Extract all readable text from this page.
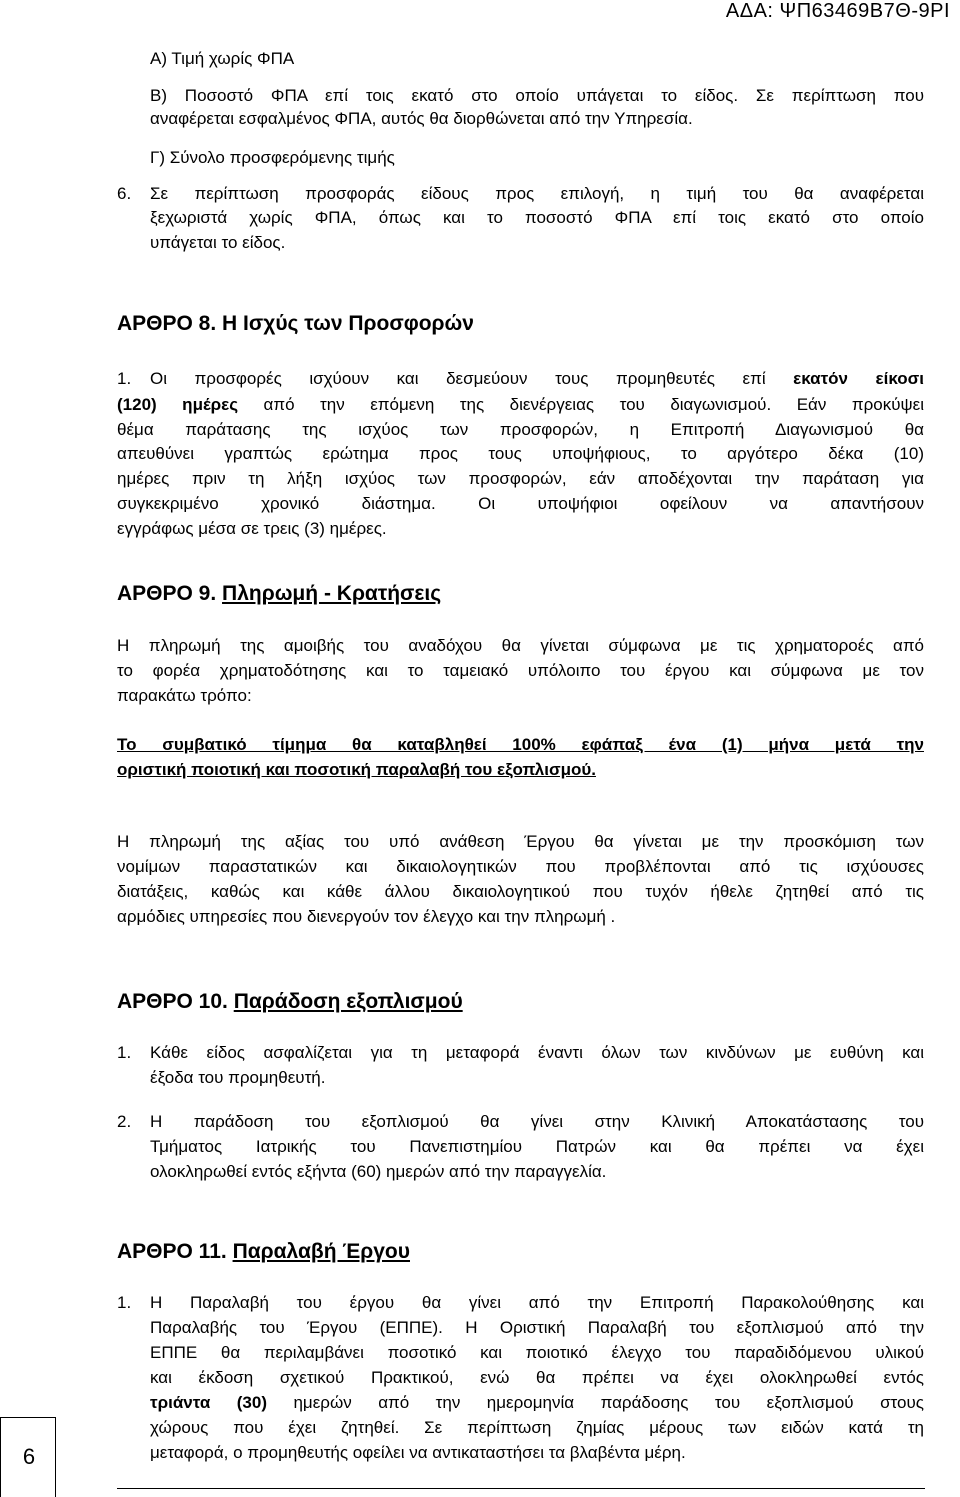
ΑΔΑ: ΨΠ63469Β7Θ-9ΡΙ
Α) Τιμή χωρίς ΦΠΑ
Β) Ποσοστό ΦΠΑ επί τοις εκατό στο οποίο υπάγεται το είδος. Σε περίπτωση που
αναφέρεται εσφαλμένος ΦΠΑ, αυτός θα διορθώνεται από την Υπηρεσία.
Γ) Σύνολο προσφερόμενης τιμής
6. Σε περίπτωση προσφοράς είδους προς επιλογή, η τιμή του θα αναφέρεται
ξεχωριστά χωρίς ΦΠΑ, όπως και το ποσοστό ΦΠΑ επί τοις εκατό στο οποίο
υπάγεται το είδος.
ΑΡΘΡΟ 8. Η Ισχύς των Προσφορών
1. Οι προσφορές ισχύουν και δεσμεύουν τους προμηθευτές επί εκατόν είκοσι
(120) ημέρες από την επόμενη της διενέργειας του διαγωνισμού. Εάν προκύψει
θέμα παράτασης της ισχύος των προσφορών, η Επιτροπή Διαγωνισμού θα
απευθύνει γραπτώς ερώτημα προς τους υποψήφιους, το αργότερο δέκα (10)
ημέρες πριν τη λήξη ισχύος των προσφορών, εάν αποδέχονται την παράταση για
συγκεκριμένο χρονικό διάστημα. Οι υποψήφιοι οφείλουν να απαντήσουν
εγγράφως μέσα σε τρεις (3) ημέρες.
ΑΡΘΡΟ 9. Πληρωμή - Κρατήσεις
Η πληρωμή της αμοιβής του αναδόχου θα γίνεται σύμφωνα με τις χρηματοροές από
το φορέα χρηματοδότησης και το ταμειακό υπόλοιπο του έργου και σύμφωνα με τον
παρακάτω τρόπο:
Το συμβατικό τίμημα θα καταβληθεί 100% εφάπαξ ένα (1) μήνα μετά την
οριστική ποιοτική και ποσοτική παραλαβή του εξοπλισμού.
Η πληρωμή της αξίας του υπό ανάθεση Έργου θα γίνεται με την προσκόμιση των
νομίμων παραστατικών και δικαιολογητικών που προβλέπονται από τις ισχύουσες
διατάξεις, καθώς και κάθε άλλου δικαιολογητικού που τυχόν ήθελε ζητηθεί από τις
αρμόδιες υπηρεσίες που διενεργούν τον έλεγχο και την πληρωμή .
ΑΡΘΡΟ 10. Παράδοση εξοπλισμού
1. Κάθε είδος ασφαλίζεται για τη μεταφορά έναντι όλων των κινδύνων με ευθύνη και
έξοδα του προμηθευτή.
2. Η παράδοση του εξοπλισμού θα γίνει στην Κλινική Αποκατάστασης του
Τμήματος Ιατρικής του Πανεπιστημίου Πατρών και θα πρέπει να έχει
ολοκληρωθεί εντός εξήντα (60) ημερών από την παραγγελία.
ΑΡΘΡΟ 11. Παραλαβή Έργου
1. Η Παραλαβή του έργου θα γίνει από την Επιτροπή Παρακολούθησης και
Παραλαβής του Έργου (ΕΠΠΕ). Η Οριστική Παραλαβή του εξοπλισμού από την
ΕΠΠΕ θα περιλαμβάνει ποσοτικό και ποιοτικό έλεγχο του παραδιδόμενου υλικού
και έκδοση σχετικού Πρακτικού, ενώ θα πρέπει να έχει ολοκληρωθεί εντός
τριάντα (30) ημερών από την ημερομηνία παράδοσης του εξοπλισμού στους
χώρους που έχει ζητηθεί. Σε περίπτωση ζημίας μέρους των ειδών κατά τη
μεταφορά, ο προμηθευτής οφείλει να αντικαταστήσει τα βλαβέντα μέρη.
6
